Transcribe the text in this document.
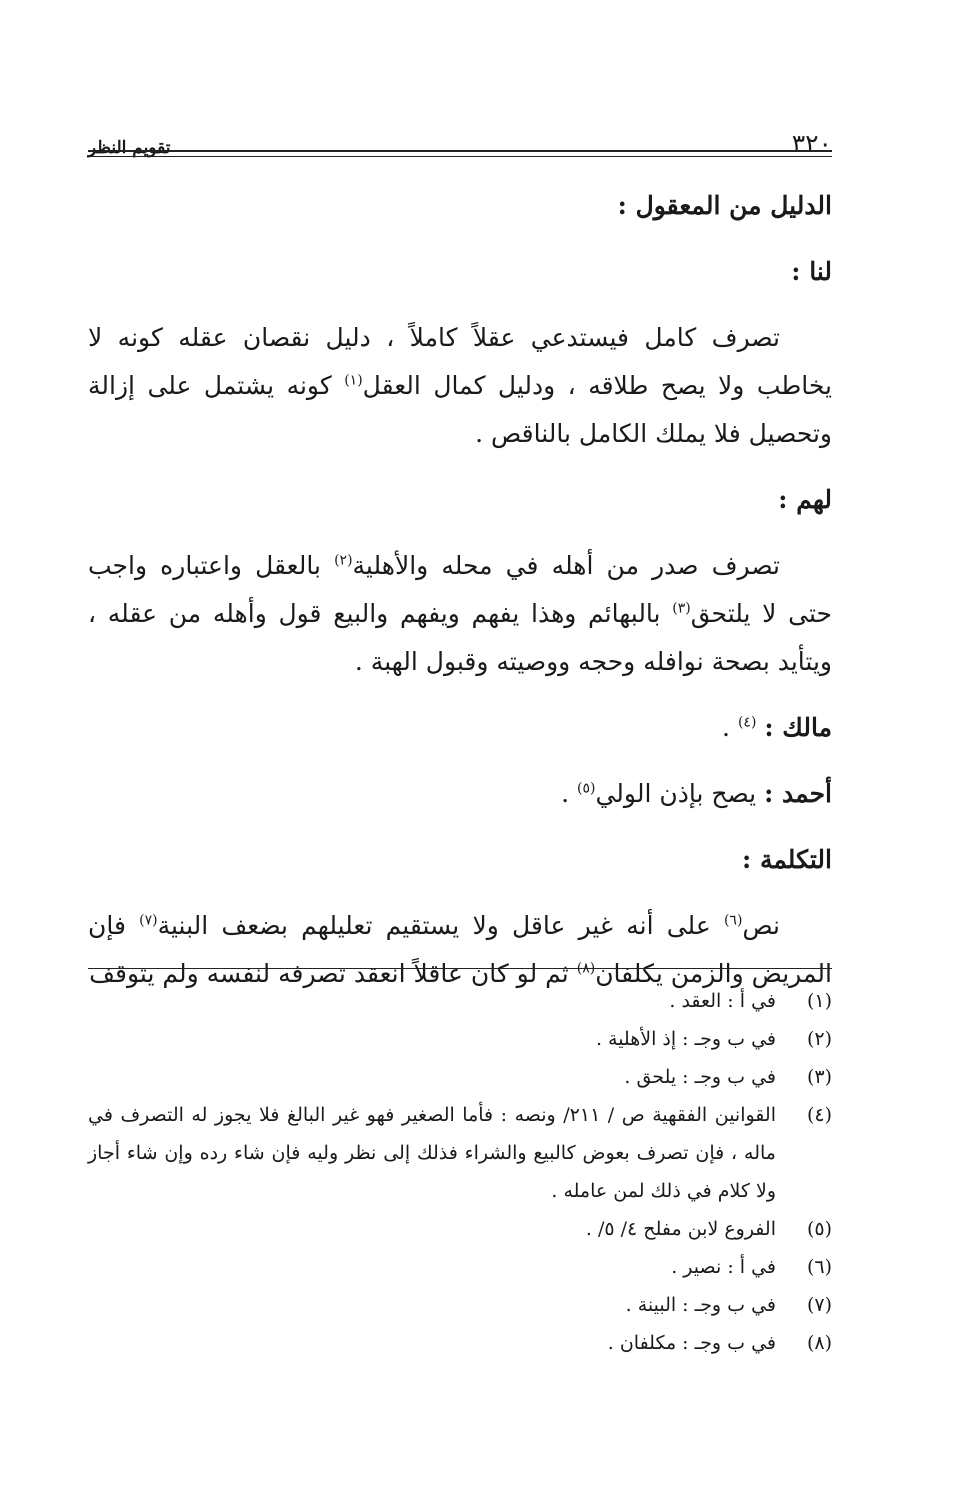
٣٢٠
تقويم النظر
الدليل من المعقول :
لنا :

تصرف كامل فيستدعي عقلاً كاملاً ، دليل نقصان عقله كونه لا يخاطب ولا يصح طلاقه ، ودليل كمال العقل$^{(١)}$ كونه يشتمل على إزالة وتحصيل فلا يملك الكامل بالناقص .

لهم :

تصرف صدر من أهله في محله والأهلية$^{(٢)}$ بالعقل واعتباره واجب حتى لا يلتحق$^{(٣)}$ بالبهائم وهذا يفهم ويفهم والبيع قول وأهله من عقله ، ويتأيد بصحة نوافله وحجه ووصيته وقبول الهبة .

مالك : $^{(٤)}$ .
أحمد : يصح بإذن الولي$^{(٥)}$ .
التكلمة :

نص$^{(٦)}$ على أنه غير عاقل ولا يستقيم تعليلهم بضعف البنية$^{(٧)}$ فإن المريض والزمن يكلفان$^{(٨)}$ ثم لو كان عاقلاً انعقد تصرفه لنفسه ولم يتوقف

(١)
في أ : العقد .
(٢)
في ب وجـ : إذ الأهلية .
(٣)
في ب وجـ : يلحق .
(٤)
القوانين الفقهية ص / ٢١١/ ونصه : فأما الصغير فهو غير البالغ فلا يجوز له التصرف في ماله ، فإن تصرف بعوض كالبيع والشراء فذلك إلى نظر وليه فإن شاء رده وإن شاء أجاز ولا كلام في ذلك لمن عامله .
(٥)
الفروع لابن مفلح ٤/ ٥/ .
(٦)
في أ : نصير .
(٧)
في ب وجـ : البينة .
(٨)
في ب وجـ : مكلفان .
